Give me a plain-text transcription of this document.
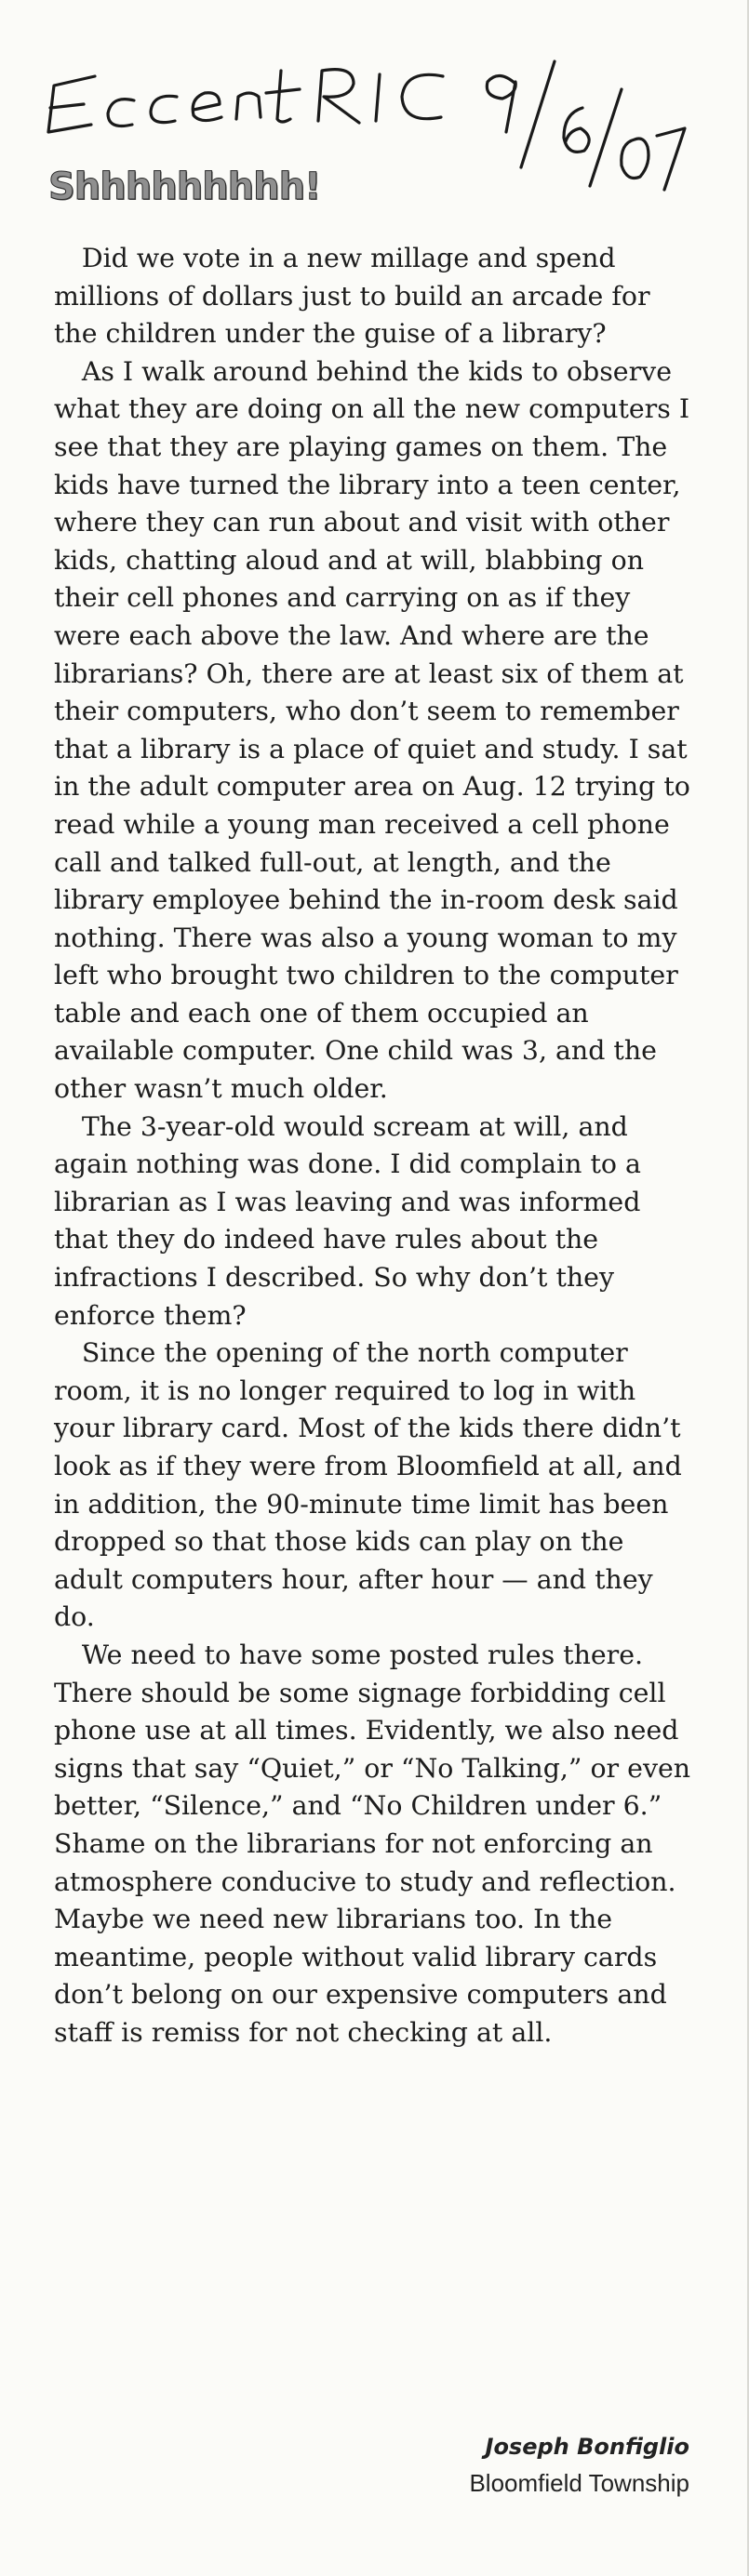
Shhhhhhhhh!

Did we vote in a new millage and spend millions of dollars just to build an arcade for the children under the guise of a library?

As I walk around behind the kids to observe what they are doing on all the new computers I see that they are playing games on them. The kids have turned the library into a teen center, where they can run about and visit with other kids, chatting aloud and at will, blabbing on their cell phones and carrying on as if they were each above the law. And where are the librarians? Oh, there are at least six of them at their computers, who don’t seem to remember that a library is a place of quiet and study. I sat in the adult computer area on Aug. 12 trying to read while a young man received a cell phone call and talked full-out, at length, and the library employee behind the in-room desk said nothing. There was also a young woman to my left who brought two children to the computer table and each one of them occupied an available computer. One child was 3, and the other wasn’t much older.

The 3-year-old would scream at will, and again nothing was done. I did complain to a librarian as I was leaving and was informed that they do indeed have rules about the infractions I described. So why don’t they enforce them?

Since the opening of the north computer room, it is no longer required to log in with your library card. Most of the kids there didn’t look as if they were from Bloomfield at all, and in addition, the 90-minute time limit has been dropped so that those kids can play on the adult computers hour, after hour — and they do.

We need to have some posted rules there. There should be some signage forbidding cell phone use at all times. Evidently, we also need signs that say “Quiet,” or “No Talking,” or even better, “Silence,” and “No Children under 6.” Shame on the librarians for not enforcing an atmosphere conducive to study and reflection. Maybe we need new librarians too. In the meantime, people without valid library cards don’t belong on our expensive computers and staff is remiss for not checking at all.

Joseph Bonfiglio
Bloomfield Township
